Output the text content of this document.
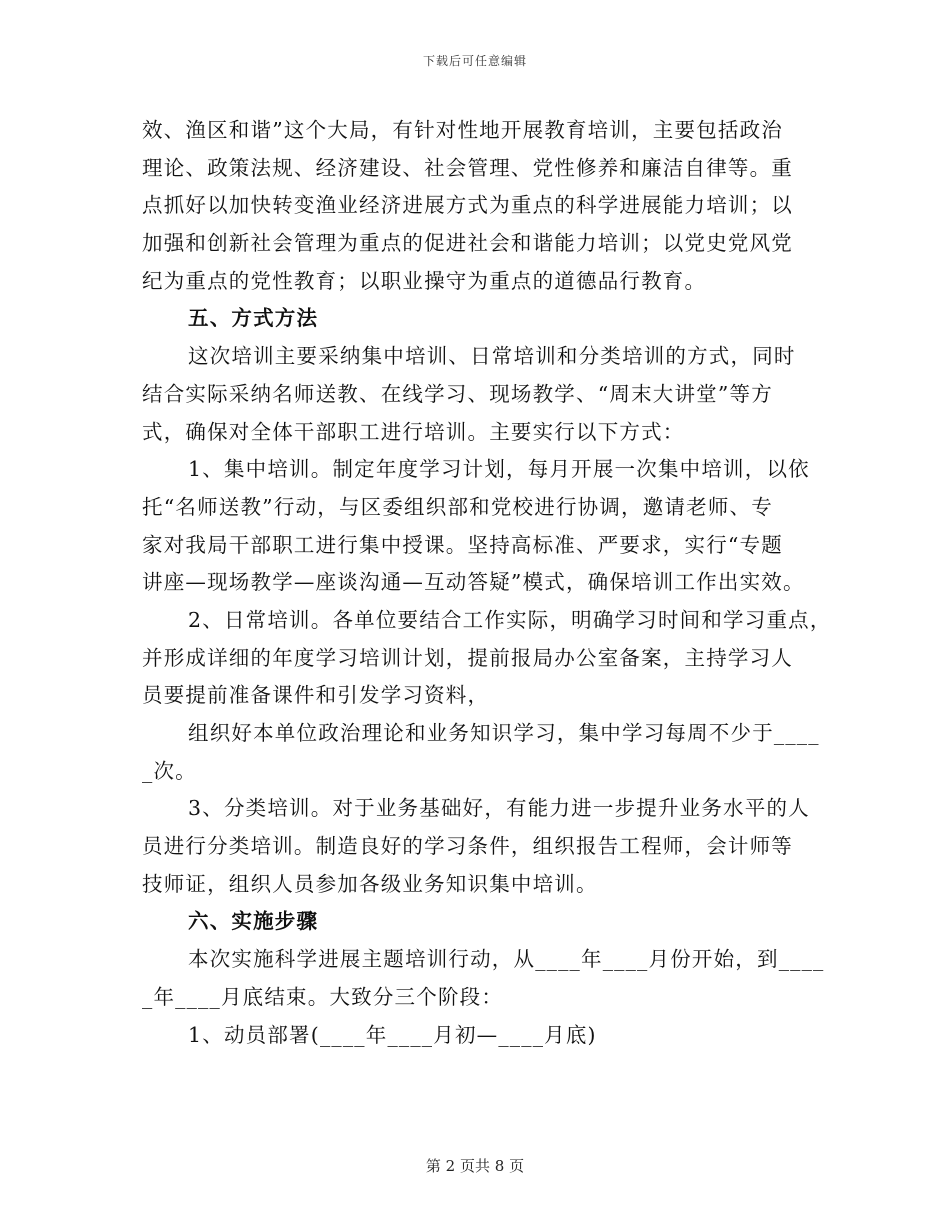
下载后可任意编辑
效、渔区和谐”这个大局，有针对性地开展教育培训，主要包括政治
理论、政策法规、经济建设、社会管理、党性修养和廉洁自律等。重
点抓好以加快转变渔业经济进展方式为重点的科学进展能力培训；以
加强和创新社会管理为重点的促进社会和谐能力培训；以党史党风党
纪为重点的党性教育；以职业操守为重点的道德品行教育。
五、方式方法
这次培训主要采纳集中培训、日常培训和分类培训的方式，同时
结合实际采纳名师送教、在线学习、现场教学、“周末大讲堂”等方
式，确保对全体干部职工进行培训。主要实行以下方式：
1、集中培训。制定年度学习计划，每月开展一次集中培训，以依
托“名师送教”行动，与区委组织部和党校进行协调，邀请老师、专
家对我局干部职工进行集中授课。坚持高标准、严要求，实行“专题
讲座—现场教学—座谈沟通—互动答疑”模式，确保培训工作出实效。
2、日常培训。各单位要结合工作实际，明确学习时间和学习重点，
并形成详细的年度学习培训计划，提前报局办公室备案，主持学习人
员要提前准备课件和引发学习资料，
组织好本单位政治理论和业务知识学习，集中学习每周不少于____
_次。
3、分类培训。对于业务基础好，有能力进一步提升业务水平的人
员进行分类培训。制造良好的学习条件，组织报告工程师，会计师等
技师证，组织人员参加各级业务知识集中培训。
六、实施步骤
本次实施科学进展主题培训行动，从____年____月份开始，到____
_年____月底结束。大致分三个阶段：
1、动员部署(____年____月初—____月底)
第 2 页共 8 页
